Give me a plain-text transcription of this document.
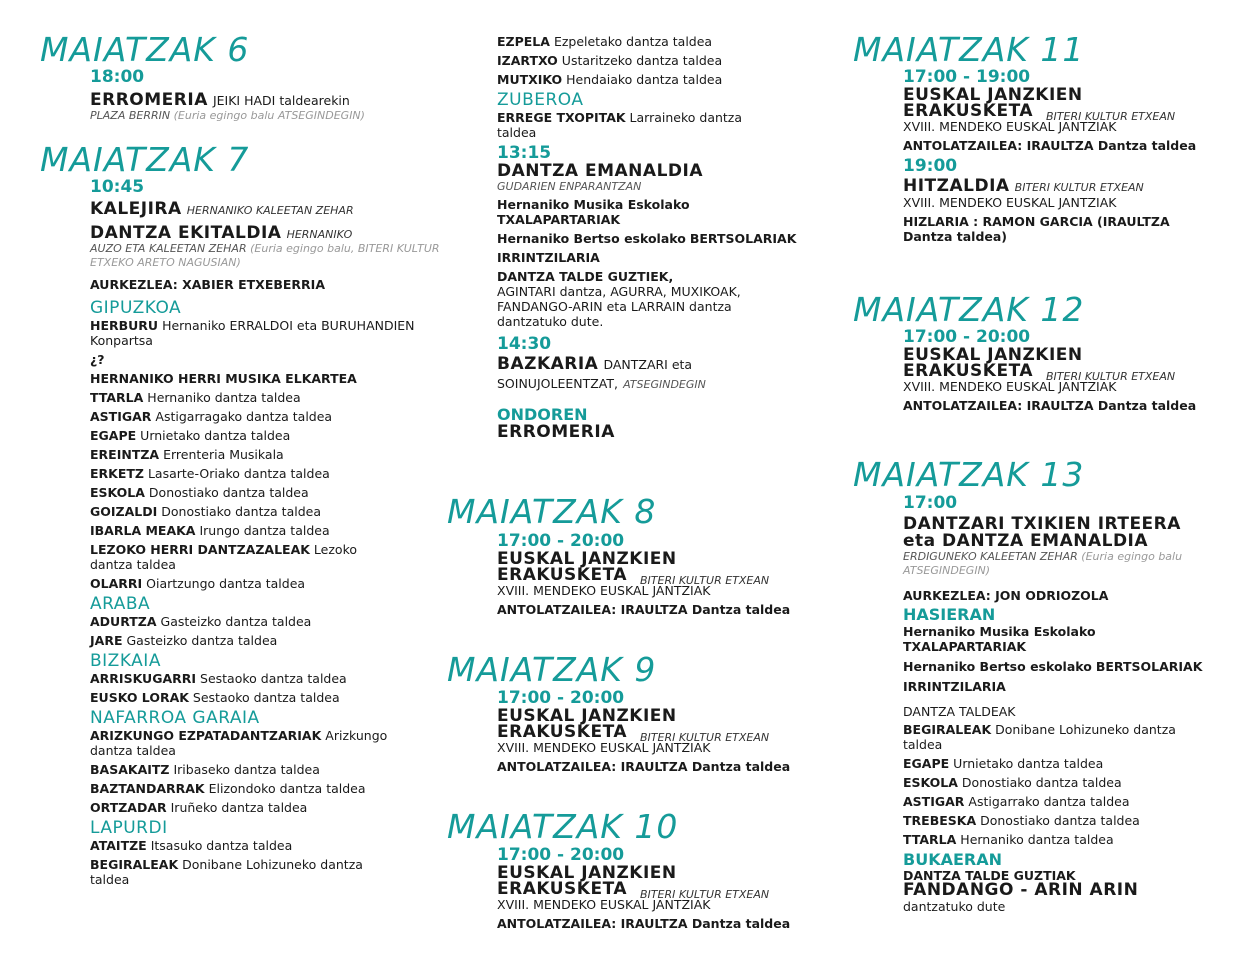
MAIATZAK 6
18:00
ERROMERIA JEIKI HADI taldearekin
PLAZA BERRIN (Euria egingo balu ATSEGINDEGIN)
MAIATZAK 7
10:45
KALEJIRA HERNANIKO KALEETAN ZEHAR
DANTZA EKITALDIA HERNANIKO
AUZO ETA KALEETAN ZEHAR (Euria egingo balu, BITERI KULTUR ETXEKO ARETO NAGUSIAN)
AURKEZLEA: XABIER ETXEBERRIA
GIPUZKOA
HERBURU Hernaniko ERRALDOI eta BURUHANDIEN Konpartsa
¿?
HERNANIKO HERRI MUSIKA ELKARTEA
TTARLA Hernaniko dantza taldea
ASTIGAR Astigarragako dantza taldea
EGAPE Urnietako dantza taldea
EREINTZA Errenteria Musikala
ERKETZ Lasarte-Oriako dantza taldea
ESKOLA Donostiako dantza taldea
GOIZALDI Donostiako dantza taldea
IBARLA MEAKA Irungo dantza taldea
LEZOKO HERRI DANTZAZALEAK Lezoko dantza taldea
OLARRI Oiartzungo dantza taldea
ARABA
ADURTZA Gasteizko dantza taldea
JARE Gasteizko dantza taldea
BIZKAIA
ARRISKUGARRI Sestaoko dantza taldea
EUSKO LORAK Sestaoko dantza taldea
NAFARROA GARAIA
ARIZKUNGO EZPATADANTZARIAK Arizkungo dantza taldea
BASAKAITZ Iribaseko dantza taldea
BAZTANDARRAK Elizondoko dantza taldea
ORTZADAR Iruñeko dantza taldea
LAPURDI
ATAITZE Itsasuko dantza taldea
BEGIRALEAK Donibane Lohizuneko dantza taldea
EZPELA Ezpeletako dantza taldea
IZARTXO Ustaritzeko dantza taldea
MUTXIKO Hendaiako dantza taldea
ZUBEROA
ERREGE TXOPITAK Larraineko dantza taldea
13:15
DANTZA EMANALDIA
GUDARIEN ENPARANTZAN
Hernaniko Musika Eskolako TXALAPARTARIAK
Hernaniko Bertso eskolako BERTSOLARIAK
IRRINTZILARIA
DANTZA TALDE GUZTIEK,
AGINTARI dantza, AGURRA, MUXIKOAK, FANDANGO-ARIN eta LARRAIN dantza dantzatuko dute.
14:30
BAZKARIA DANTZARI eta SOINUJOLEENTZAT, ATSEGINDEGIN
ONDOREN
ERROMERIA
MAIATZAK 8
17:00 - 20:00
EUSKAL JANZKIEN ERAKUSKETA	BITERI KULTUR ETXEAN
XVIII. MENDEKO EUSKAL JANTZIAK
ANTOLATZAILEA: IRAULTZA Dantza taldea
MAIATZAK 9
17:00 - 20:00
EUSKAL JANZKIEN ERAKUSKETA	BITERI KULTUR ETXEAN
XVIII. MENDEKO EUSKAL JANTZIAK
ANTOLATZAILEA: IRAULTZA Dantza taldea
MAIATZAK 10
17:00 - 20:00
EUSKAL JANZKIEN ERAKUSKETA	BITERI KULTUR ETXEAN
XVIII. MENDEKO EUSKAL JANTZIAK
ANTOLATZAILEA: IRAULTZA Dantza taldea
MAIATZAK 11
17:00 - 19:00
EUSKAL JANZKIEN ERAKUSKETA	BITERI KULTUR ETXEAN
XVIII. MENDEKO EUSKAL JANTZIAK
ANTOLATZAILEA: IRAULTZA Dantza taldea
19:00
HITZALDIA BITERI KULTUR ETXEAN
XVIII. MENDEKO EUSKAL JANTZIAK
HIZLARIA : RAMON GARCIA (IRAULTZA Dantza taldea)
MAIATZAK 12
17:00 - 20:00
EUSKAL JANZKIEN ERAKUSKETA	BITERI KULTUR ETXEAN
XVIII. MENDEKO EUSKAL JANTZIAK
ANTOLATZAILEA: IRAULTZA Dantza taldea
MAIATZAK 13
17:00
DANTZARI TXIKIEN IRTEERA
eta DANTZA EMANALDIA
ERDIGUNEKO KALEETAN ZEHAR (Euria egingo balu ATSEGINDEGIN)
AURKEZLEA: JON ODRIOZOLA
HASIERAN
Hernaniko Musika Eskolako TXALAPARTARIAK
Hernaniko Bertso eskolako BERTSOLARIAK
IRRINTZILARIA
DANTZA TALDEAK
BEGIRALEAK Donibane Lohizuneko dantza taldea
EGAPE Urnietako dantza taldea
ESKOLA Donostiako dantza taldea
ASTIGAR Astigarrako dantza taldea
TREBESKA Donostiako dantza taldea
TTARLA Hernaniko dantza taldea
BUKAERAN
DANTZA TALDE GUZTIAK
FANDANGO - ARIN ARIN
dantzatuko dute
